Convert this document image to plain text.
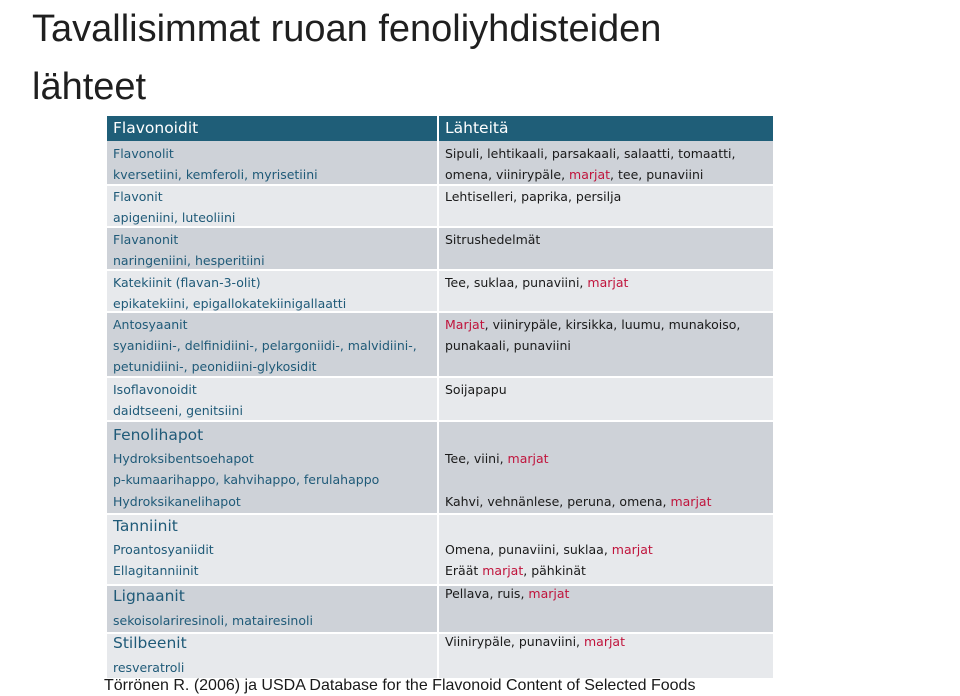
Tavallisimmat ruoan fenoliyhdisteiden
lähteet
Flavonoidit	Lähteitä
Flavonolit
kversetiini, kemferoli, myrisetiini
Sipuli, lehtikaali, parsakaali, salaatti, tomaatti,
omena, viinirypäle, marjat, tee, punaviini
Flavonit
apigeniini, luteoliini
Lehtiselleri, paprika, persilja
Flavanonit
naringeniini, hesperitiini
Sitrushedelmät
Katekiinit (flavan-3-olit)
epikatekiini, epigallokatekiinigallaatti
Tee, suklaa, punaviini, marjat
Antosyaanit
syanidiini-, delfinidiini-, pelargoniidi-, malvidiini-,
petunidiini-, peonidiini-glykosidit
Marjat, viinirypäle, kirsikka, luumu, munakoiso,
punakaali, punaviini
Isoflavonoidit
daidtseeni, genitsiini
Soijapapu
Fenolihapot
Hydroksibentsoehapot
p-kumaarihappo, kahvihappo, ferulahappo
Hydroksikanelihapot
Tee, viini, marjat
Kahvi, vehnänlese, peruna, omena, marjat
Tanniinit
Proantosyaniidit
Ellagitanniinit
Omena, punaviini, suklaa, marjat
Eräät marjat, pähkinät
Lignaanit
sekoisolariresinoli, matairesinoli
Pellava, ruis, marjat
Stilbeenit
resveratroli
Viinirypäle, punaviini, marjat
Törrönen R. (2006) ja USDA Database for the Flavonoid Content of Selected Foods
